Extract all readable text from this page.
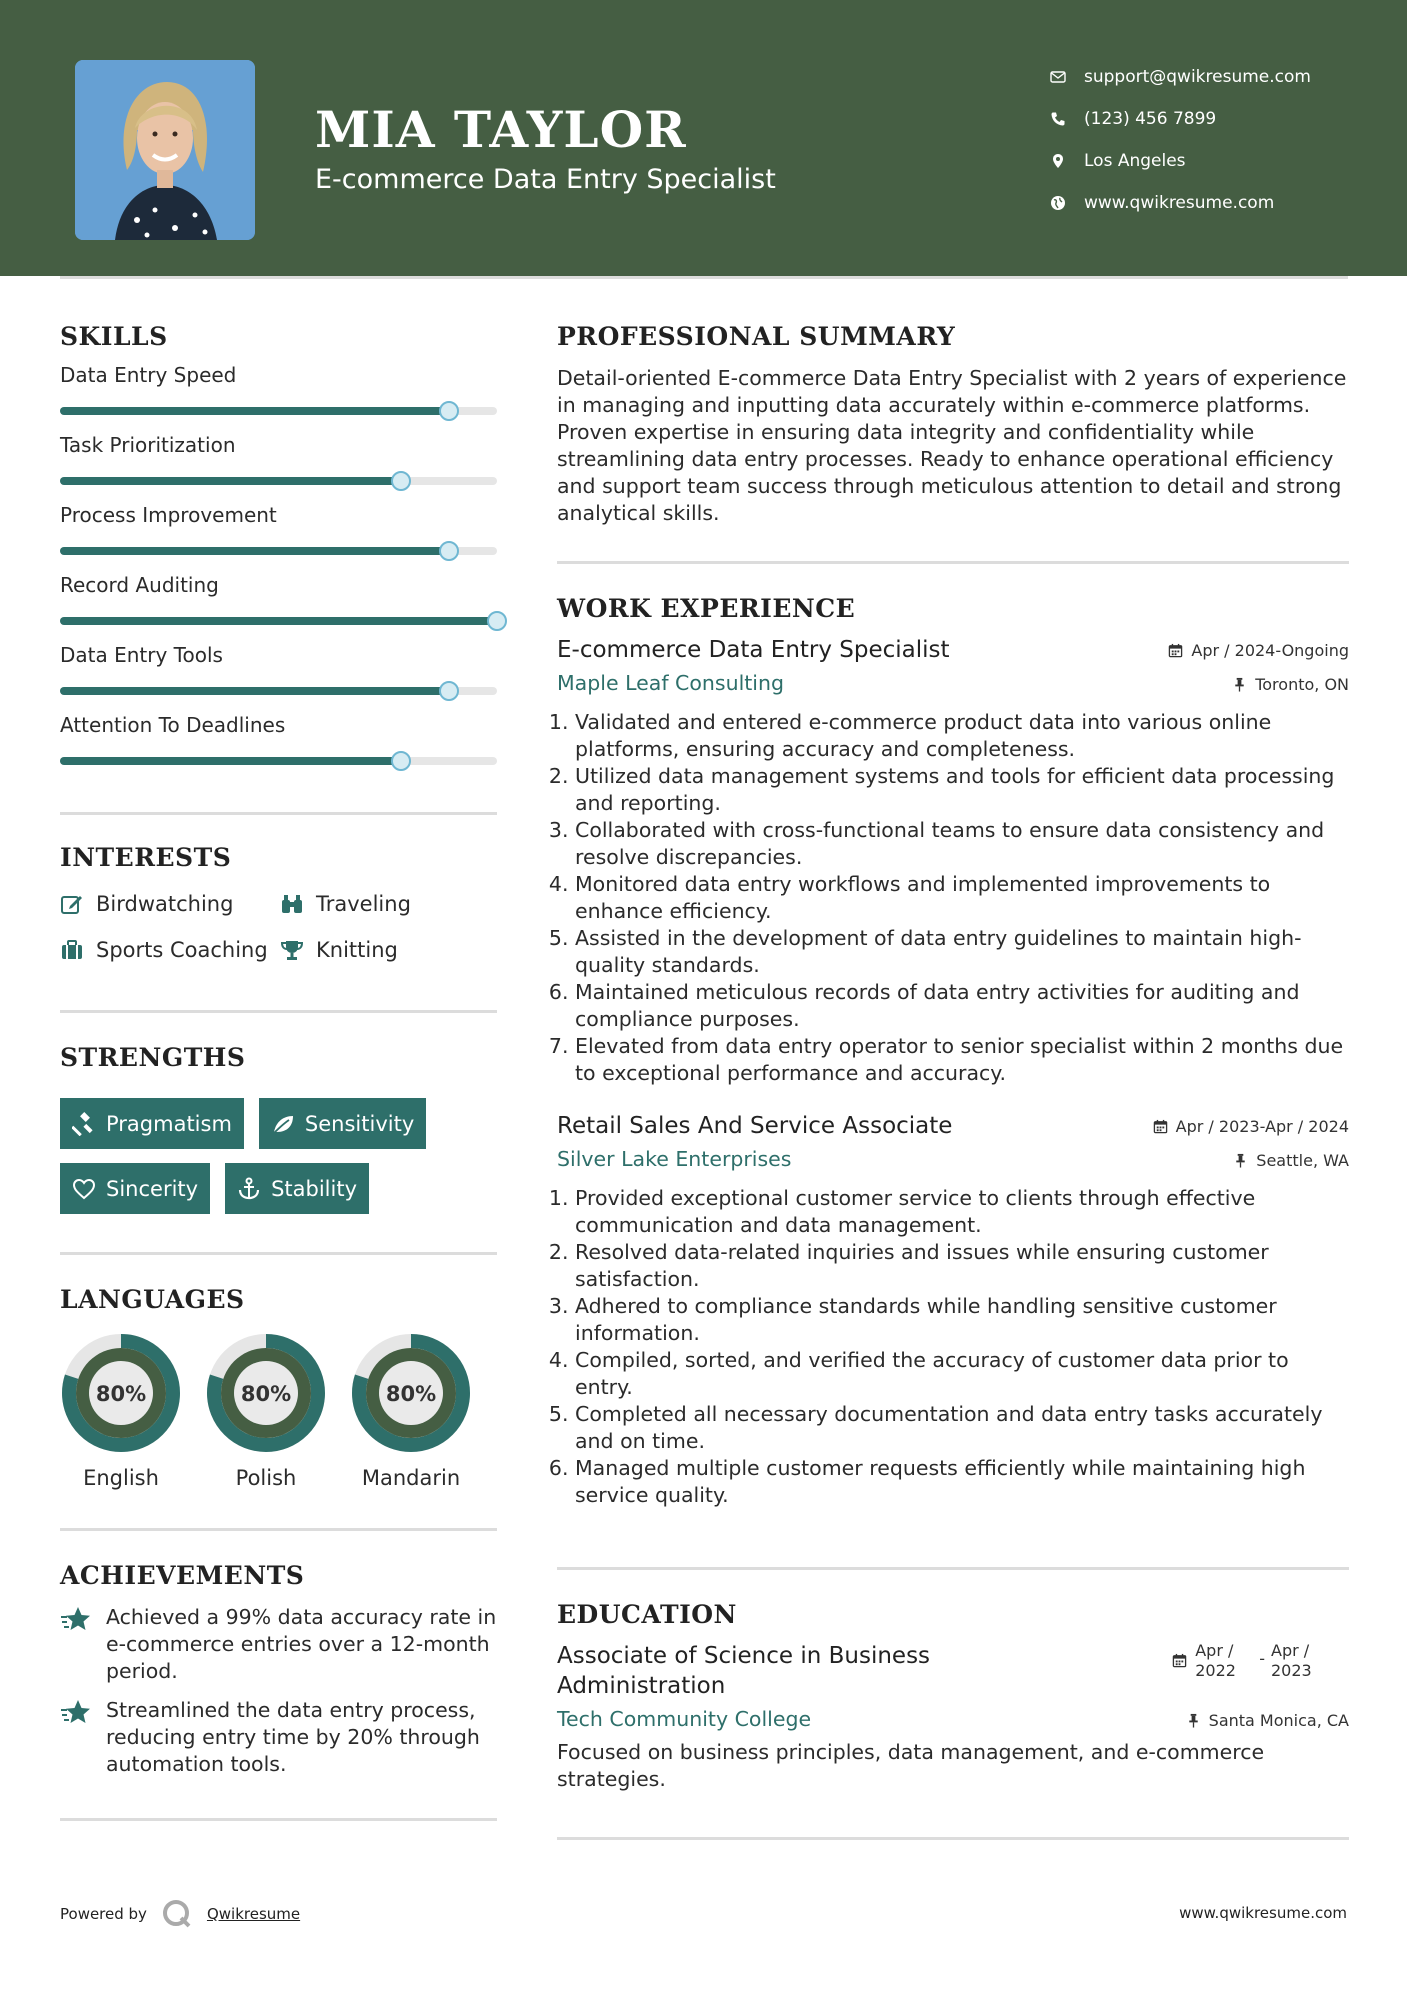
MIA TAYLOR
E-commerce Data Entry Specialist
support@qwikresume.com
(123) 456 7899
Los Angeles
www.qwikresume.com
SKILLS
Data Entry Speed
Task Prioritization
Process Improvement
Record Auditing
Data Entry Tools
Attention To Deadlines
INTERESTS
Birdwatching	Traveling
Sports Coaching Knitting
STRENGTHS
Pragmatism	Sensitivity
Sincerity	Stability
LANGUAGES
80%
English
80%
Polish
80%
Mandarin
ACHIEVEMENTS
Achieved a 99% data accuracy rate in e-commerce entries over a 12-month period.
Streamlined the data entry process, reducing entry time by 20% through automation tools.
PROFESSIONAL SUMMARY
Detail-oriented E-commerce Data Entry Specialist with 2 years of experience in managing and inputting data accurately within e-commerce platforms. Proven expertise in ensuring data integrity and confidentiality while streamlining data entry processes. Ready to enhance operational efficiency and support team success through meticulous attention to detail and strong analytical skills.
WORK EXPERIENCE
E-commerce Data Entry Specialist	Apr / 2024-Ongoing
Maple Leaf Consulting	Toronto, ON
1. Validated and entered e-commerce product data into various online platforms, ensuring accuracy and completeness.
2. Utilized data management systems and tools for efficient data processing and reporting.
3. Collaborated with cross-functional teams to ensure data consistency and resolve discrepancies.
4. Monitored data entry workflows and implemented improvements to enhance efficiency.
5. Assisted in the development of data entry guidelines to maintain high-quality standards.
6. Maintained meticulous records of data entry activities for auditing and compliance purposes.
7. Elevated from data entry operator to senior specialist within 2 months due to exceptional performance and accuracy.
Retail Sales And Service Associate	Apr / 2023-Apr / 2024
Silver Lake Enterprises	Seattle, WA
1. Provided exceptional customer service to clients through effective communication and data management.
2. Resolved data-related inquiries and issues while ensuring customer satisfaction.
3. Adhered to compliance standards while handling sensitive customer information.
4. Compiled, sorted, and verified the accuracy of customer data prior to entry.
5. Completed all necessary documentation and data entry tasks accurately and on time.
6. Managed multiple customer requests efficiently while maintaining high service quality.
EDUCATION
Associate of Science in Business Administration
Apr / 2022
- Apr / 2023
Tech Community College	Santa Monica, CA
Focused on business principles, data management, and e-commerce strategies.
Powered by	Qwikresume	www.qwikresume.com
